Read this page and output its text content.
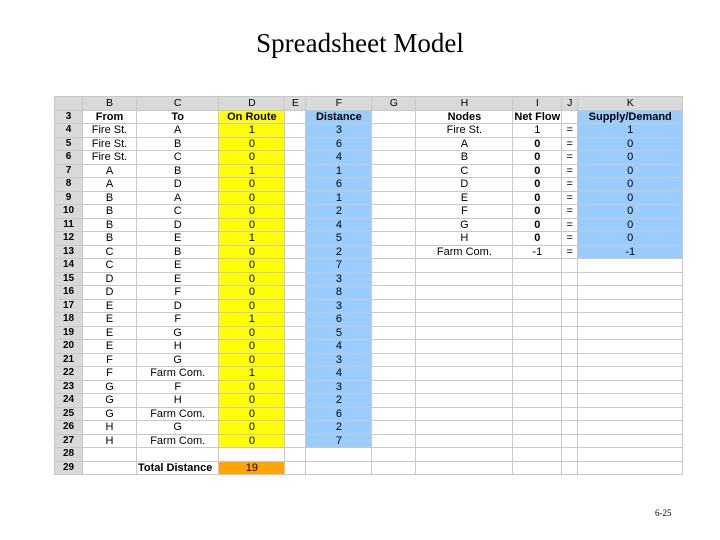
Spreadsheet Model
	B	C	D	E	F	G	H	I	J	K
3	From	To	On Route		Distance		Nodes	Net Flow		Supply/Demand
4	Fire St.	A	1		3		Fire St.	1	=	1
5	Fire St.	B	0		6		A	0	=	0
6	Fire St.	C	0		4		B	0	=	0
7	A	B	1		1		C	0	=	0
8	A	D	0		6		D	0	=	0
9	B	A	0		1		E	0	=	0
10	B	C	0		2		F	0	=	0
11	B	D	0		4		G	0	=	0
12	B	E	1		5		H	0	=	0
13	C	B	0		2		Farm Com.	-1	=	-1
14	C	E	0		7					
15	D	E	0		3					
16	D	F	0		8					
17	E	D	0		3					
18	E	F	1		6					
19	E	G	0		5					
20	E	H	0		4					
21	F	G	0		3					
22	F	Farm Com.	1		4					
23	G	F	0		3					
24	G	H	0		2					
25	G	Farm Com.	0		6					
26	H	G	0		2					
27	H	Farm Com.	0		7					
28										
29		Total Distance	19							
6-25
